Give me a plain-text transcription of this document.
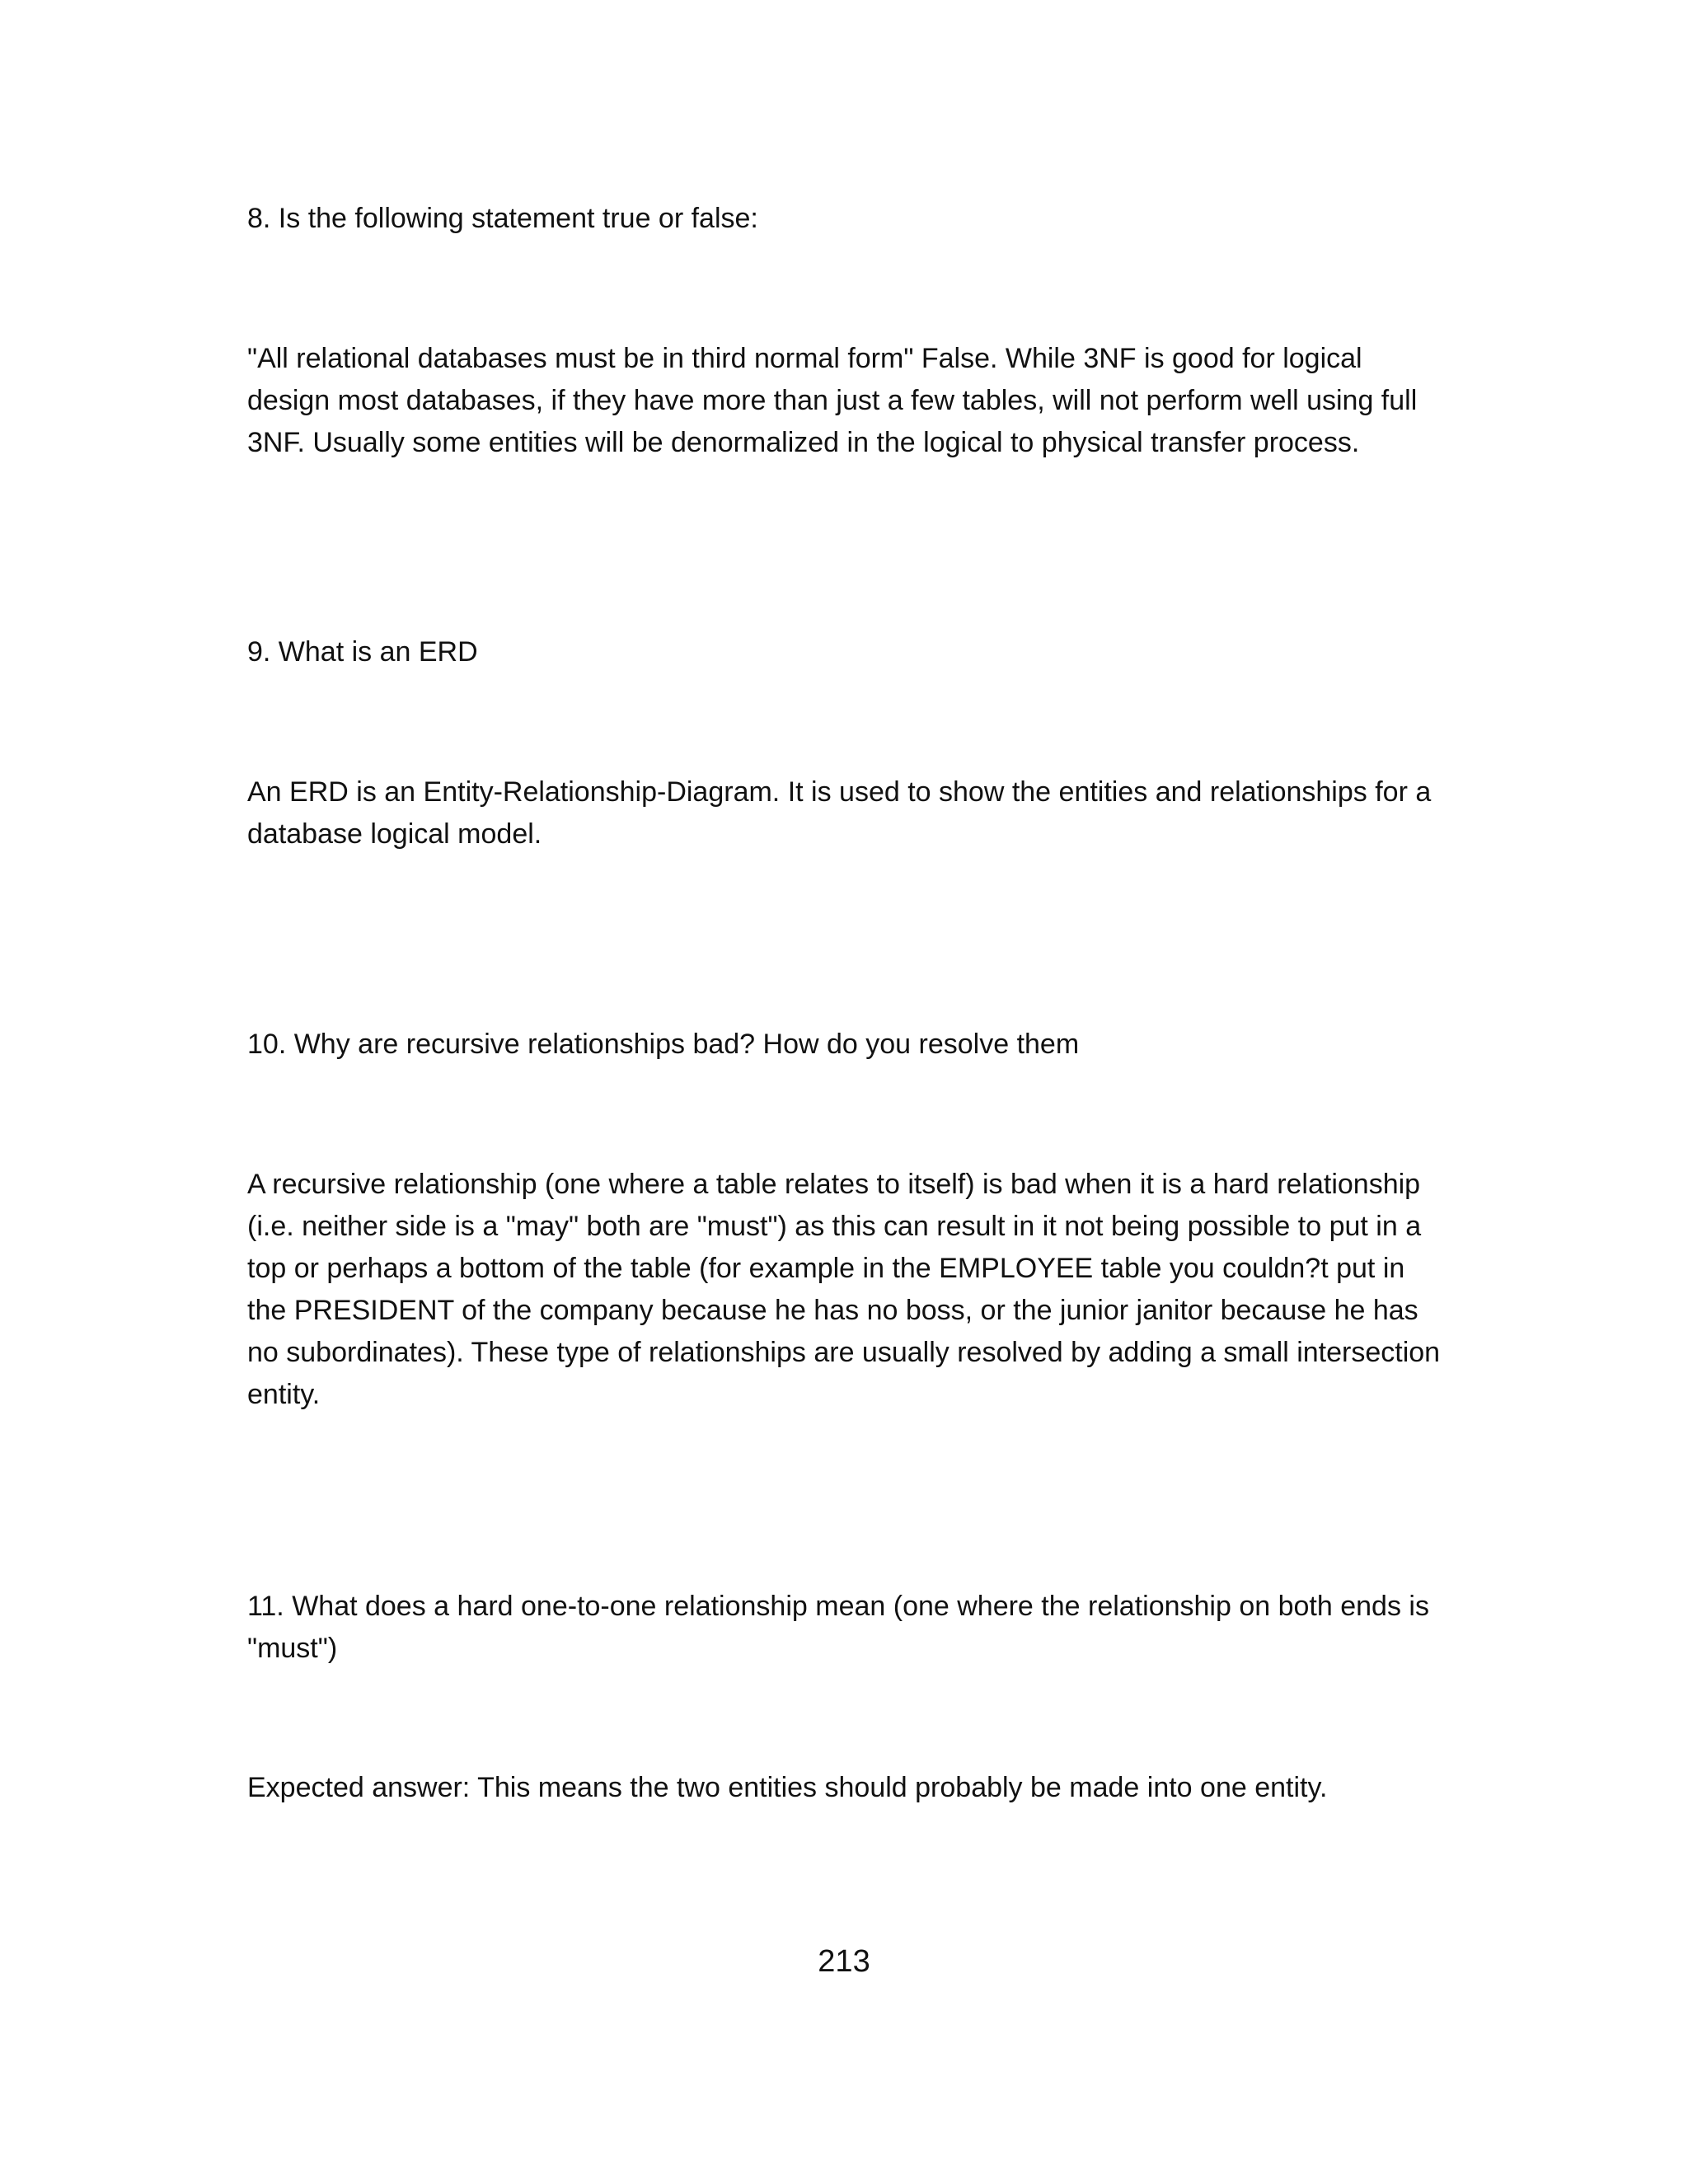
8. Is the following statement true or false:

"All relational databases must be in third normal form" False. While 3NF is good for logical design most databases, if they have more than just a few tables, will not perform well using full 3NF. Usually some entities will be denormalized in the logical to physical transfer process.

9. What is an ERD

An ERD is an Entity-Relationship-Diagram. It is used to show the entities and relationships for a database logical model.

10. Why are recursive relationships bad? How do you resolve them

A recursive relationship (one where a table relates to itself) is bad when it is a hard relationship (i.e. neither side is a "may" both are "must") as this can result in it not being possible to put in a top or perhaps a bottom of the table (for example in the EMPLOYEE table you couldn?t put in the PRESIDENT of the company because he has no boss, or the junior janitor because he has no subordinates). These type of relationships are usually resolved by adding a small intersection entity.

11. What does a hard one-to-one relationship mean (one where the relationship on both ends is "must")

Expected answer: This means the two entities should probably be made into one entity.

213
